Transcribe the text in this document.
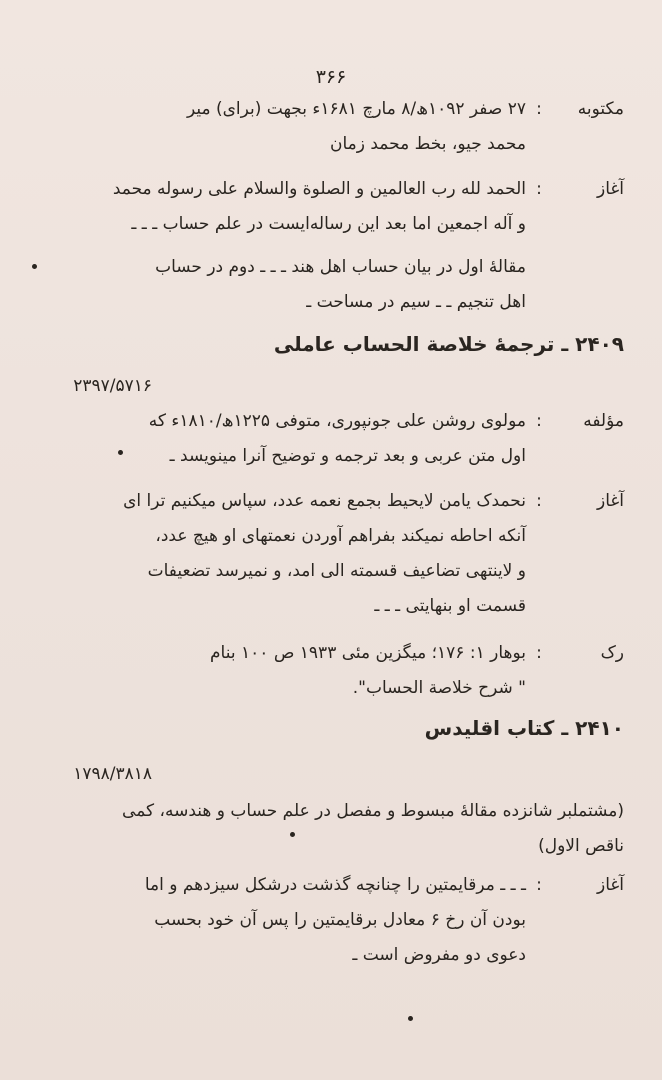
۳۶۶
مکتوبه
:
۲۷ صفر ۱۰۹۲ھ/۸ مارچ ۱۶۸۱ء بجهت (برای) میر
محمد جیو، بخط محمد زمان
آغاز
:
الحمد لله رب العالمین و الصلوة والسلام علی رسوله محمد
و آله اجمعین اما بعد این رساله‌ایست در علم حساب ـ ـ ـ
مقالهٔ اول در بیان حساب اهل هند ـ ـ ـ دوم در حساب
اهل تنجیم ـ ـ سیم در مساحت ـ
۲۴۰۹ ـ ترجمهٔ خلاصة الحساب عاملی
۲۳۹۷/۵۷۱۶
مؤلفه
:
مولوی روشن علی جونپوری، متوفی ۱۲۲۵ھ/۱۸۱۰ء که
اول متن عربی و بعد ترجمه و توضیح آنرا مینویسد ـ
آغاز
:
نحمدک یامن لایحیط بجمع نعمه عدد، سپاس میکنیم ترا ای
آنکه احاطه نمیکند بفراهم آوردن نعمتهای او هیچ عدد،
و لاینتهی تضاعیف قسمته الی امد، و نمیرسد تضعیفات
قسمت او بنهایتی ـ ـ ـ
رک
:
بوهار ۱: ۱۷۶؛ میگزین مئی ۱۹۳۳ ص ۱۰۰ بنام
" شرح خلاصة الحساب".
۲۴۱۰ ـ کتاب اقلیدس
۱۷۹۸/۳۸۱۸
(مشتملبر شانزده مقالهٔ مبسوط و مفصل در علم حساب و هندسه، کمی
ناقص الاول)
آغاز
:
ـ ـ ـ مرقایمتین را چنانچه گذشت درشکل سیزدهم و اما
بودن آن رخ ۶ معادل برقایمتین را پس آن خود بحسب
دعوی دو مفروض است ـ
